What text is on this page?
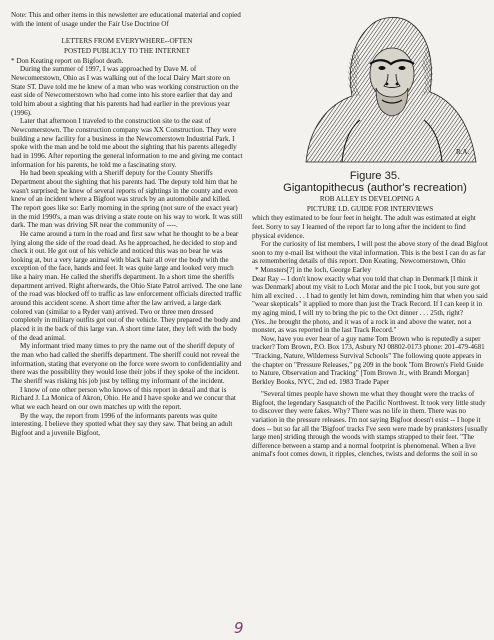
Note: This and other items in this newsletter are educational material and copied with the intent of usage under the Fair Use Doctrine Of

LETTERS FROM EVERYWHERE--OFTEN

POSTED PUBLICLY TO THE INTERNET

* Don Keating report on Bigfoot death.

During the summer of 1997, I was approached by Dave M. of Newcomerstown, Ohio as I was walking out of the local Dairy Mart store on State ST. Dave told me he knew of a man who was working construction on the east side of Newcomerstown who had come into his store earlier that day and told him about a sighting that his parents had had earlier in the previous year (1996).

Later that afternoon I traveled to the construction site to the east of Newcomerstown. The construction company was XX Construction. They were building a new facility for a business in the Newcomerstown Industrial Park. I spoke with the man and he told me about the sighting that his parents allegedly had in 1996. After reporting the general information to me and giving me contact information for his parents, he told me a fascinating story.

He had been speaking with a Sheriff deputy for the County Sheriffs Department about the sighting that his parents had. The deputy told him that he wasn't surprised; he knew of several reports of sightings in the county and even knew of an incident where a Bigfoot was struck by an automobile and killed. The report goes like so: Early morning in the spring (not sure of the exact year) in the mid 1990's, a man was driving a state route on his way to work. It was still dark. The man was driving SR near the community of ----.

He came around a turn in the road and first saw what he thought to be a bear lying along the side of the road dead. As he approached, he decided to stop and check it out. He got out of his vehicle and noticed this was no bear he was looking at, but a very large animal with black hair all over the body with the exception of the face, hands and feet. It was quite large and looked very much like a hairy man. He called the sheriffs department. In a short time the sheriffs department arrived. Right afterwards, the Ohio State Patrol arrived. The one lane of the road was blocked off to traffic as law enforcement officials directed traffic around this accident scene. A short time after the law arrived, a large dark colored van (similar to a Ryder van) arrived. Two or three men dressed completely in military outfits got out of the vehicle. They prepared the body and placed it in the back of this large van. A short time later, they left with the body of the dead animal.

My informant tried many times to pry the name out of the sheriff deputy of the man who had called the sheriffs department. The sheriff could not reveal the information, stating that everyone on the force were sworn to confidentiality and there was the possibility they would lose their jobs if they spoke of the incident. The sheriff was risking his job just by telling my informant of the incident.

I know of one other person who knows of this report in detail and that is Richard J. La Monica of Akron, Ohio. He and I have spoke and we concur that what we each heard on our own matches up with the report.

By the way, the report from 1996 of the informants parents was quite interesting. I believe they spotted what they say they saw. That being an adult Bigfoot and a juvenile Bigfoot,

R.A.
Figure 35.
Gigantopithecus (author's recreation)

ROB ALLEY IS DEVELOPING A

PICTURE I.D. GUIDE FOR INTERVIEWS

which they estimated to be four feet in height. The adult was estimated at eight feet. Sorry to say I learned of the report far to long after the incident to find physical evidence.

For the curiosity of list members, I will post the above story of the dead Bigfoot soon to my e-mail list without the vital information. This is the best I can do as far as remembering details of this report. Don Keating, Newcomerstown, Ohio

* Monsters[?] in the loch, George Earley

Dear Ray -- I don't know exactly what you told that chap in Denmark [I think it was Denmark] about my visit to Loch Morar and the pic I took, but you sure got him all excited . . . I had to gently let him down, reminding him that when you said "wear skepticals" it applied to more than just the Track Record. If I can keep it in my aging mind, I will try to bring the pic to the Oct dinner . . . 25th, right? (Yes...he brought the photo, and it was of a rock in and above the water, not a monster, as was reported in the last Track Record."

Now, have you ever hear of a guy name Tom Brown who is reputedly a super tracker? Tom Brown, P.O. Box 173, Asbury NJ 08802-0173 phone: 201-479-4681 "Tracking, Nature, Wilderness Survival Schools" The following quote appears in the chapter on "Pressure Releases," pg 209 in the book 'Tom Brown's Field Guide to Nature, Observation and Tracking" [Tom Brown Jr., with Brandt Morgan] Berkley Books, NYC, 2nd ed. 1983 Trade Paper

"Several times people have shown me what they thought were the tracks of Bigfoot, the legendary Sasquatch of the Pacific Northwest. It took very little study to discover they were fakes. Why? There was no life in them. There was no variation in the pressure releases. I'm not saying Bigfoot doesn't exist -- I hope it does -- but so far all the 'Bigfoot' tracks I've seen were made by pranksters [usually large men] striding through the woods with stamps strapped to their feet. "The difference between a stamp and a normal footprint is phenomenal. When a live animal's foot comes down, it ripples, clenches, twists and deforms the soil in so

9
